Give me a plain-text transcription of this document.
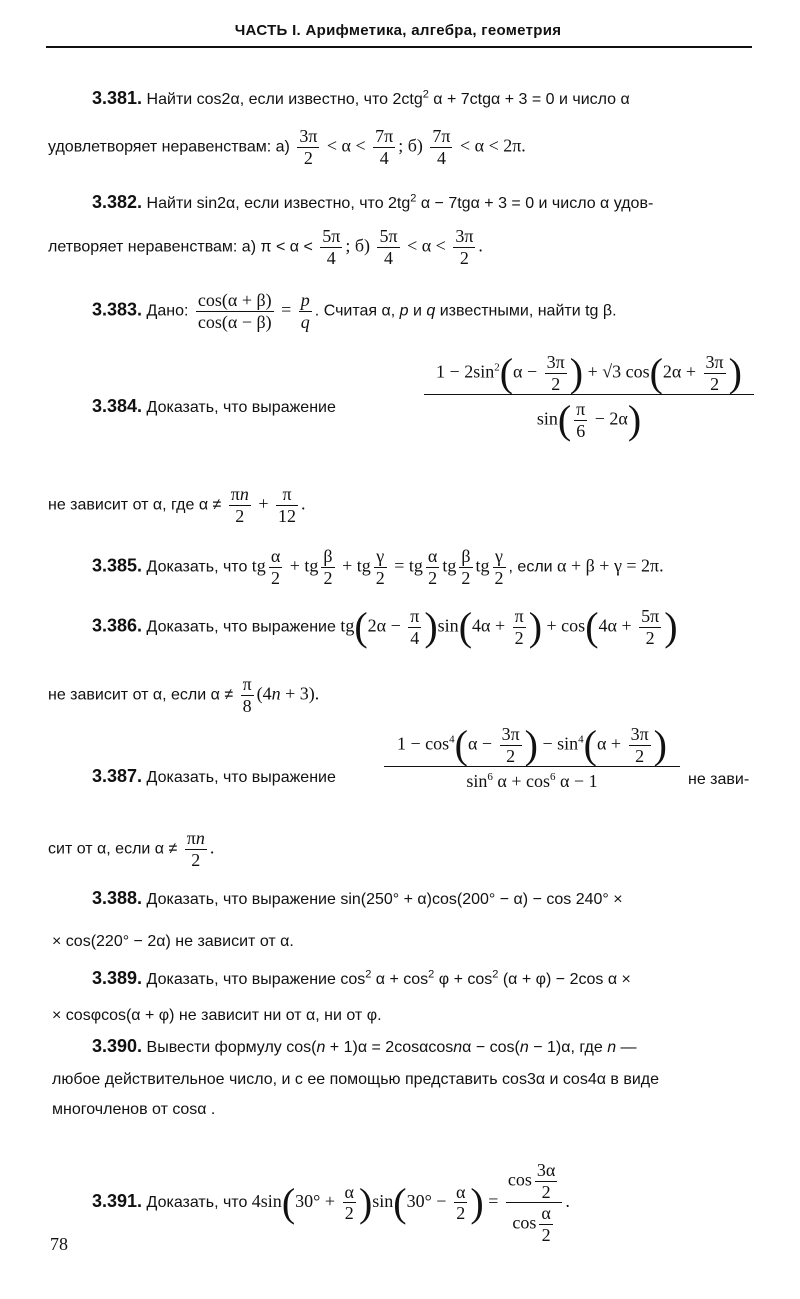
ЧАСТЬ I. Арифметика, алгебра, геометрия
3.381. Найти cos2α, если известно, что 2ctg$^2$ α + 7ctgα + 3 = 0 и число α
удовлетворяет неравенствам: $а) \frac{3\pi}{2} < \alpha < \frac{7\pi}{4}$ ; $б) \frac{7\pi}{4} < \alpha < 2\pi$.
3.382. Найти sin2α, если известно, что $2tg^2$ α − 7tgα + 3 = 0 и число α удов-
летворяет неравенствам: а) $\pi < \alpha < \frac{5\pi}{4}$ ; $б) \frac{5\pi}{4} < \alpha < \frac{3\pi}{2}$ .
3.383. Дано: $\frac{\cos(\alpha + \beta)}{\cos(\alpha - \beta)} = \frac{p}{q}$ . Считая α, p и q известными, найти tg β.
3.384. Доказать, что выражение	$\frac{1 - 2\sin^2(\alpha - \frac{3\pi}{2} ) + √3 \cos(2\alpha + \frac{3\pi}{2} )}{\sin( \frac{\pi}{6} - 2\alpha)}$
не зависит от α, где $\alpha \ne \frac{\pi n}{2} + \frac{\pi}{12}$ .
3.385. Доказать, что tg $\frac{\alpha}{2}$ + tg $\frac{\beta}{2}$ + tg $\frac{\gamma}{2}$ = tg $\frac{\alpha}{2}$ tg $\frac{\beta}{2}$ tg $\frac{\gamma}{2}$ , если α + β + γ = 2π.
3.386. Доказать, что выражение $tg(2\alpha - \frac{\pi}{4} )\sin(4\alpha + \frac{\pi}{2}$ ) + $\cos(4\alpha + \frac{5\pi}{2}$ )
не зависит от α, если $\alpha \ne \frac{\pi}{8} (4n + 3)$.
3.387. Доказать, что выражение	$\frac{1 - \cos^4(\alpha - \frac{3\pi}{2} ) - \sin^4(\alpha + \frac{3\pi}{2} )}{\sin^6 \alpha + \cos^6 \alpha - 1}$ не зави-
сит от α, если $\alpha \ne \frac{\pi n}{2}$ .
3.388. Доказать, что выражение sin(250° + α)cos(200° − α) − cos 240° ×
× cos(220° − 2α) не зависит от α.
3.389. Доказать, что выражение $\cos^2 \alpha + \cos^2 \varphi + \cos^2 (\alpha + \varphi) - 2\cos$ α ×
× cosφcos(α + φ) не зависит ни от α, ни от φ.
3.390. Вывести формулу cos(n + 1)α = 2cosαcosnα − cos(n − 1)α, где n —
любое действительное число, и с ее помощью представить cos3α и cos4α в виде
многочленов от cosα .
3.391. Доказать, что $4\sin(30^\circ + \frac{\alpha}{2} )\sin(30^\circ - \frac{\alpha}{2}$ ) = $\frac{\cos \frac{3\alpha}{2}}{\cos \frac{\alpha}{2}}$ .
78
